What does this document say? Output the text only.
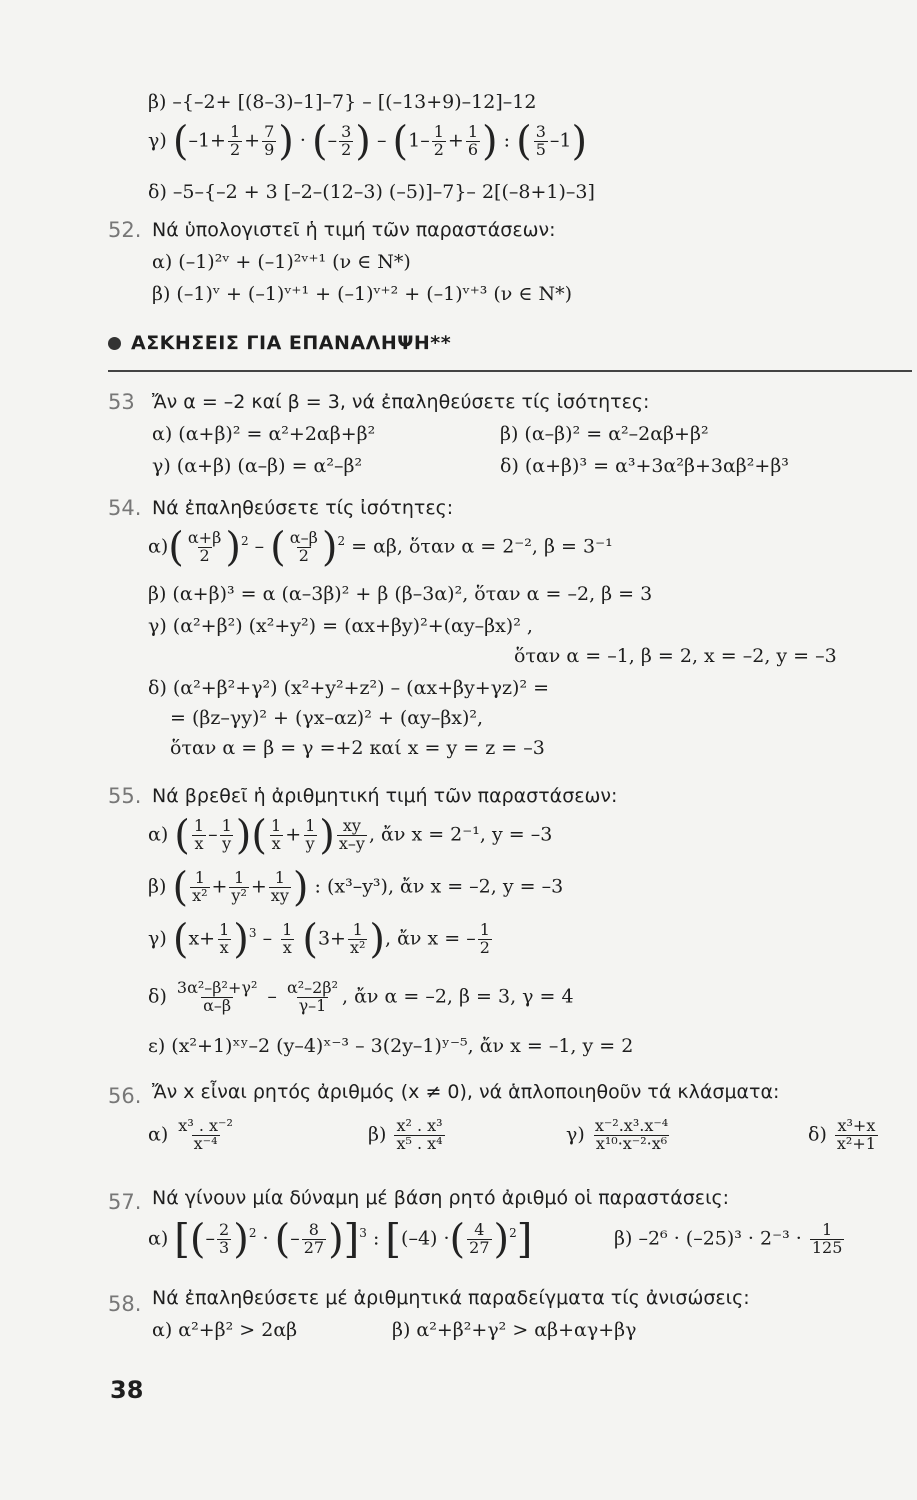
β) –{–2+ [(8–3)–1]–7} – [(–13+9)–12]–12
γ) ($-1+ \frac{1}{2} + \frac{7}{9}$ ) · (– $\frac{3}{2}$ ) – ($1- \frac{1}{2} + \frac{1}{6}$ ) : ( $\frac{3}{5} -1$)
δ) –5–{–2 + 3 [–2–(12–3) (–5)]–7}– 2[(–8+1)–3]
52. Νά ὑπολογιστεῖ ἡ τιμή τῶν παραστάσεων:
α) (–1)²ᵛ + (–1)²ᵛ⁺¹ (ν ∈ N*)
β) (–1)ᵛ + (–1)ᵛ⁺¹ + (–1)ᵛ⁺² + (–1)ᵛ⁺³ (ν ∈ N*)
ΑΣΚΗΣΕΙΣ ΓΙΑ ΕΠΑΝΑΛΗΨΗ**
53 Ἄν α = –2 καί β = 3, νά ἐπαληθεύσετε τίς ἰσότητες:
α) (α+β)² = α²+2αβ+β²	β) (α–β)² = α²–2αβ+β²
γ) (α+β) (α–β) = α²–β²	δ) (α+β)³ = α³+3α²β+3αβ²+β³
54. Νά ἐπαληθεύσετε τίς ἰσότητες:
$\alpha)( \frac{\alpha+\beta}{2} )^2$ – ( $\frac{\alpha-\beta}{2} )^2 = \alpha\beta$, ὅταν α = 2⁻², β = 3⁻¹
β) (α+β)³ = α (α–3β)² + β (β–3α)², ὅταν α = –2, β = 3
γ) (α²+β²) (x²+y²) = (αx+βy)²+(αy–βx)² ,
ὅταν α = –1, β = 2, x = –2, y = –3
δ) (α²+β²+γ²) (x²+y²+z²) – (αx+βy+γz)² =
= (βz–γy)² + (γx–αz)² + (αy–βx)²,
ὅταν α = β = γ =+2 καί x = y = z = –3
55. Νά βρεθεῖ ἡ ἀριθμητική τιμή τῶν παραστάσεων:
α) ( $\frac{1}{x} - \frac{1}{y}$ )( $\frac{1}{x} + \frac{1}{y}$ ) $\frac{xy}{x-y}$ , ἄν x = 2⁻¹, y = –3
β) ( $\frac{1}{\text{x²}} + \frac{1}{\text{y²}} + \frac{1}{xy}$ ) : (x³–y³), ἄν x = –2, y = –3
γ) $(x+ \frac{1}{x} )^3 - \frac{1}{x} (3+ \frac{1}{\text{x²}}$ ), ἄν x = – $\frac{1}{2}$
$\delta) \frac{\text{3α²–β²+γ²}}{\alpha-\beta} - \frac{\text{α²–2β²}}{\gamma-1}$ , ἄν α = –2, β = 3, γ = 4
ε) (x²+1)ˣʸ–2 (y–4)ˣ⁻³ – 3(2y–1)ʸ⁻⁵, ἄν x = –1, y = 2
56. Ἄν x εἶναι ρητός ἀριθμός (x ≠ 0), νά ἁπλοποιηθοῦν τά κλάσματα:
$\alpha) \frac{\text{x³ . x⁻²}}{\text{x⁻⁴}}$	$\beta) \frac{\text{x² . x³}}{\text{x⁵ . x⁴}}$	$\gamma) \frac{\text{x⁻².x³.x⁻⁴}}{\text{x¹⁰·x⁻²·x⁶}}$	$\delta) \frac{\text{x³+x}}{\text{x²+1}}$
57. Νά γίνουν μία δύναμη μέ βάση ρητό ἀριθμό οἱ παραστάσεις:
α) [(– $\frac{2}{3} )^2$ · (– $\frac{8}{27} )]^3$ : [(–4) ·( $\frac{4}{27} )^2$]	β) $-2^6 \cdot (-25)^3 \cdot 2^{-3} \cdot \frac{1}{125}$
58. Νά ἐπαληθεύσετε μέ ἀριθμητικά παραδείγματα τίς ἀνισώσεις:
α) α²+β² > 2αβ	β) α²+β²+γ² > αβ+αγ+βγ
38
